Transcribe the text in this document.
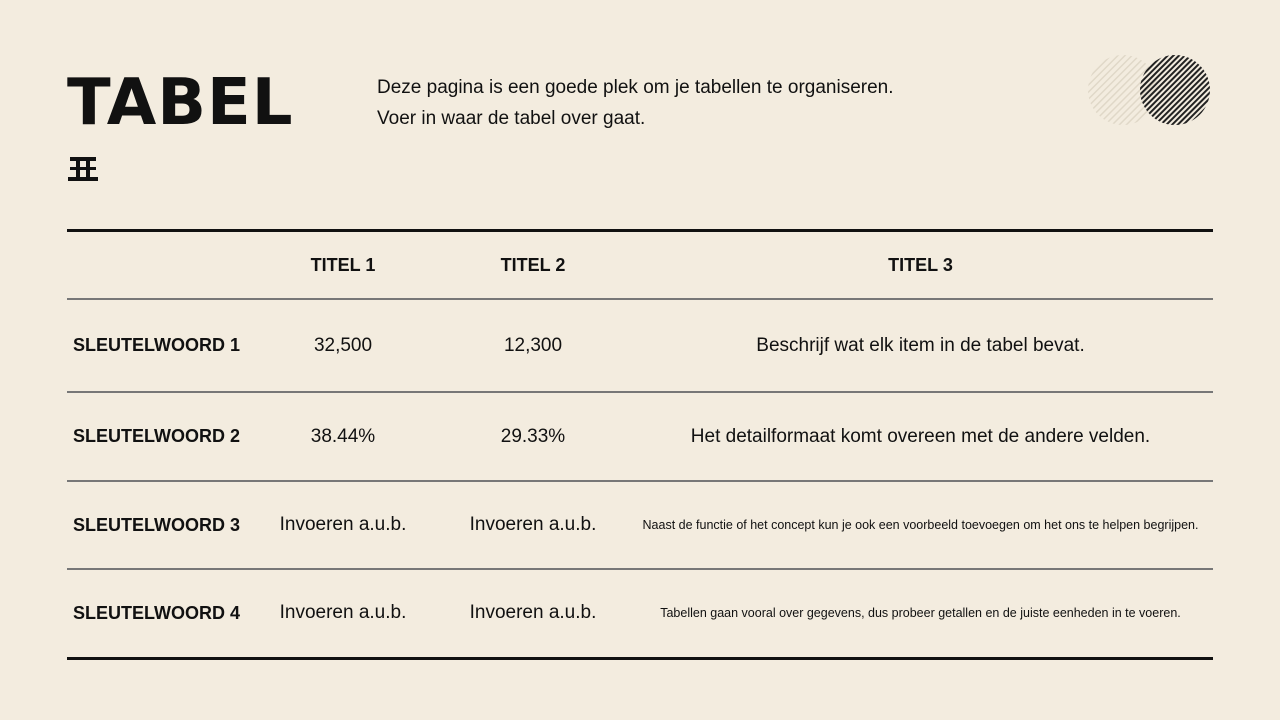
TABEL	Deze pagina is een goede plek om je tabellen te organiseren.
Voer in waar de tabel over gaat.
	TITEL 1	TITEL 2	TITEL 3
SLEUTELWOORD 1	32,500	12,300	Beschrijf wat elk item in de tabel bevat.
SLEUTELWOORD 2	38.44%	29.33%	Het detailformaat komt overeen met de andere velden.
SLEUTELWOORD 3	Invoeren a.u.b.	Invoeren a.u.b.	Naast de functie of het concept kun je ook een voorbeeld toevoegen om het ons te helpen begrijpen.
SLEUTELWOORD 4	Invoeren a.u.b.	Invoeren a.u.b.	Tabellen gaan vooral over gegevens, dus probeer getallen en de juiste eenheden in te voeren.
